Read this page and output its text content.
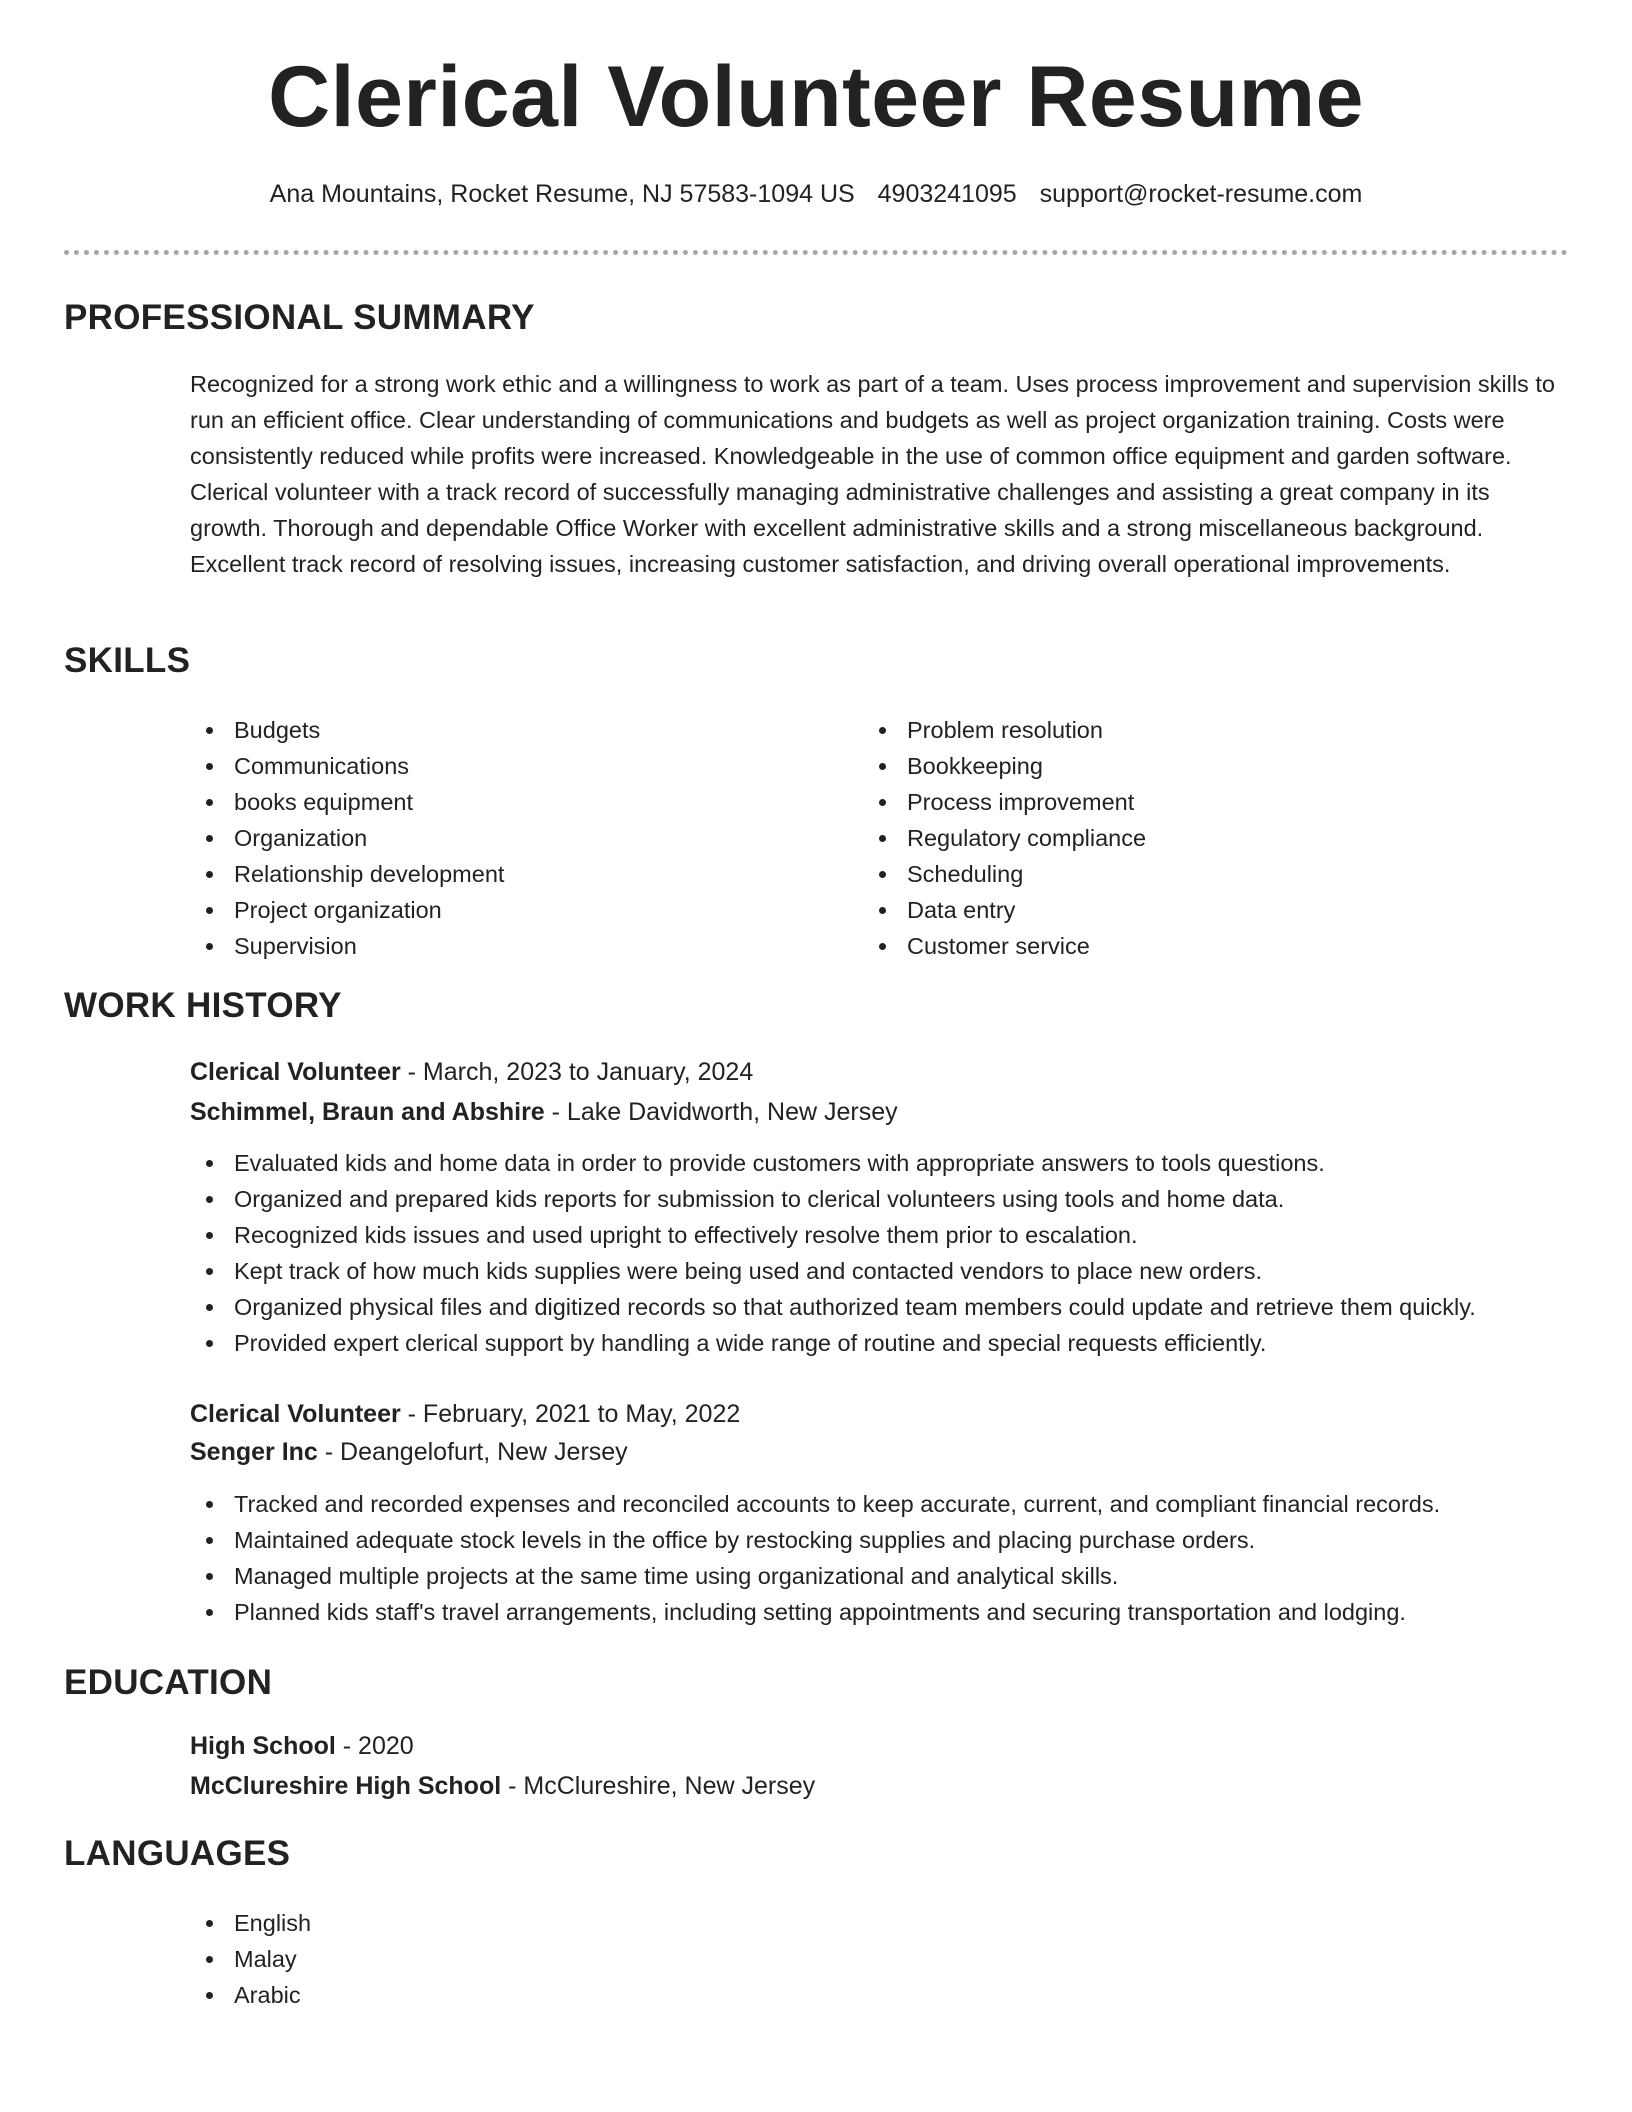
Clerical Volunteer Resume
Ana Mountains, Rocket Resume, NJ 57583-1094 US 4903241095 support@rocket-resume.com
PROFESSIONAL SUMMARY

Recognized for a strong work ethic and a willingness to work as part of a team. Uses process improvement and supervision skills to run an efficient office. Clear understanding of communications and budgets as well as project organization training. Costs were consistently reduced while profits were increased. Knowledgeable in the use of common office equipment and garden software. Clerical volunteer with a track record of successfully managing administrative challenges and assisting a great company in its growth. Thorough and dependable Office Worker with excellent administrative skills and a strong miscellaneous background. Excellent track record of resolving issues, increasing customer satisfaction, and driving overall operational improvements.

SKILLS
Budgets
Communications
books equipment
Organization
Relationship development
Project organization
Supervision
Problem resolution
Bookkeeping
Process improvement
Regulatory compliance
Scheduling
Data entry
Customer service
WORK HISTORY
Clerical Volunteer - March, 2023 to January, 2024
Schimmel, Braun and Abshire - Lake Davidworth, New Jersey
Evaluated kids and home data in order to provide customers with appropriate answers to tools questions.
Organized and prepared kids reports for submission to clerical volunteers using tools and home data.
Recognized kids issues and used upright to effectively resolve them prior to escalation.
Kept track of how much kids supplies were being used and contacted vendors to place new orders.
Organized physical files and digitized records so that authorized team members could update and retrieve them quickly.
Provided expert clerical support by handling a wide range of routine and special requests efficiently.
Clerical Volunteer - February, 2021 to May, 2022
Senger Inc - Deangelofurt, New Jersey
Tracked and recorded expenses and reconciled accounts to keep accurate, current, and compliant financial records.
Maintained adequate stock levels in the office by restocking supplies and placing purchase orders.
Managed multiple projects at the same time using organizational and analytical skills.
Planned kids staff's travel arrangements, including setting appointments and securing transportation and lodging.
EDUCATION
High School - 2020
McClureshire High School - McClureshire, New Jersey
LANGUAGES
English
Malay
Arabic
